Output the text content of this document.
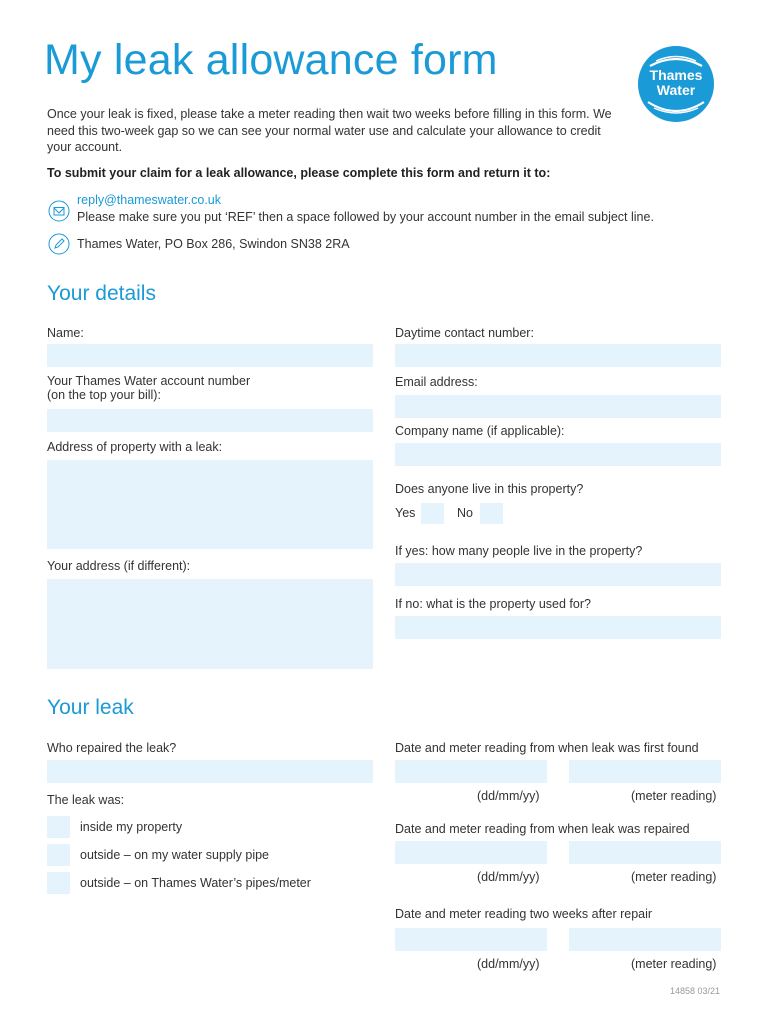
My leak allowance form	Thames
Water
Once your leak is fixed, please take a meter reading then wait two weeks before filling in this form. We need this two-week gap so we can see your normal water use and calculate your allowance to credit your account.
To submit your claim for a leak allowance, please complete this form and return it to:
reply@thameswater.co.uk
Please make sure you put ‘REF’ then a space followed by your account number in the email subject line.
Thames Water, PO Box 286, Swindon SN38 2RA
Your details
Name:
Your Thames Water account number
(on the top your bill):
Address of property with a leak:
Your address (if different):
Daytime contact number:
Email address:
Company name (if applicable):
Does anyone live in this property?
Yes	No
If yes: how many people live in the property?
If no: what is the property used for?
Your leak
Who repaired the leak?
The leak was:
inside my property
outside – on my water supply pipe
outside – on Thames Water’s pipes/meter
Date and meter reading from when leak was first found
(dd/mm/yy)	(meter reading)
Date and meter reading from when leak was repaired
(dd/mm/yy)	(meter reading)
Date and meter reading two weeks after repair
(dd/mm/yy)	(meter reading)
14858 03/21
